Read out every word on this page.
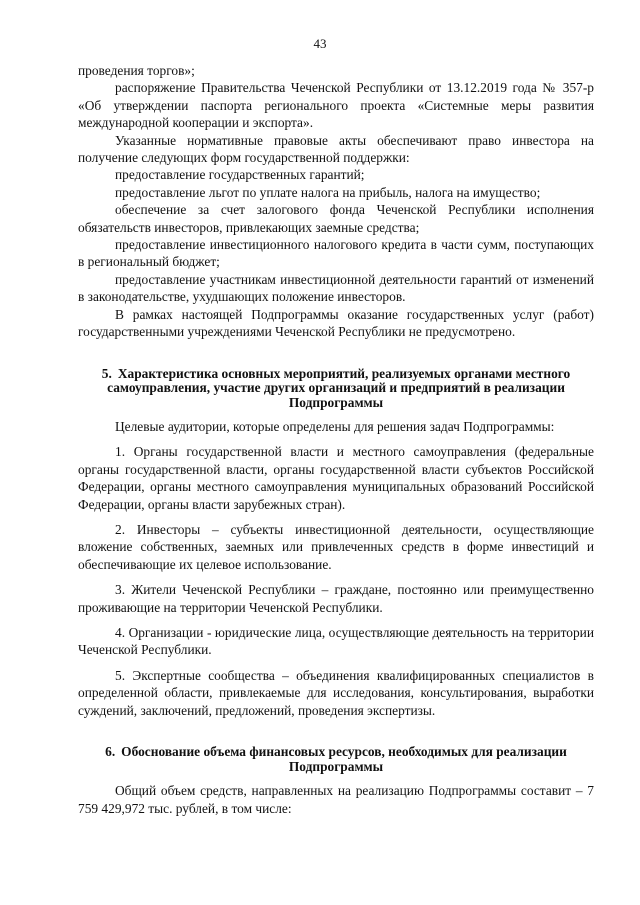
43

проведения торгов»;

распоряжение Правительства Чеченской Республики от 13.12.2019 года № 357-р «Об утверждении паспорта регионального проекта «Системные меры развития международной кооперации и экспорта».

Указанные нормативные правовые акты обеспечивают право инвестора на получение следующих форм государственной поддержки:

предоставление государственных гарантий;

предоставление льгот по уплате налога на прибыль, налога на имущество;

обеспечение за счет залогового фонда Чеченской Республики исполнения обязательств инвесторов, привлекающих заемные средства;

предоставление инвестиционного налогового кредита в части сумм, поступающих в региональный бюджет;

предоставление участникам инвестиционной деятельности гарантий от изменений в законодательстве, ухудшающих положение инвесторов.

В рамках настоящей Подпрограммы оказание государственных услуг (работ) государственными учреждениями Чеченской Республики не предусмотрено.

5. Характеристика основных мероприятий, реализуемых органами местного самоуправления, участие других организаций и предприятий в реализации Подпрограммы

Целевые аудитории, которые определены для решения задач Подпрограммы:

1. Органы государственной власти и местного самоуправления (федеральные органы государственной власти, органы государственной власти субъектов Российской Федерации, органы местного самоуправления муниципальных образований Российской Федерации, органы власти зарубежных стран).

2. Инвесторы – субъекты инвестиционной деятельности, осуществляющие вложение собственных, заемных или привлеченных средств в форме инвестиций и обеспечивающие их целевое использование.

3. Жители Чеченской Республики – граждане, постоянно или преимущественно проживающие на территории Чеченской Республики.

4. Организации - юридические лица, осуществляющие деятельность на территории Чеченской Республики.

5. Экспертные сообщества – объединения квалифицированных специалистов в определенной области, привлекаемые для исследования, консультирования, выработки суждений, заключений, предложений, проведения экспертизы.

6. Обоснование объема финансовых ресурсов, необходимых для реализации Подпрограммы

Общий объем средств, направленных на реализацию Подпрограммы составит – 7 759 429,972 тыс. рублей, в том числе:
